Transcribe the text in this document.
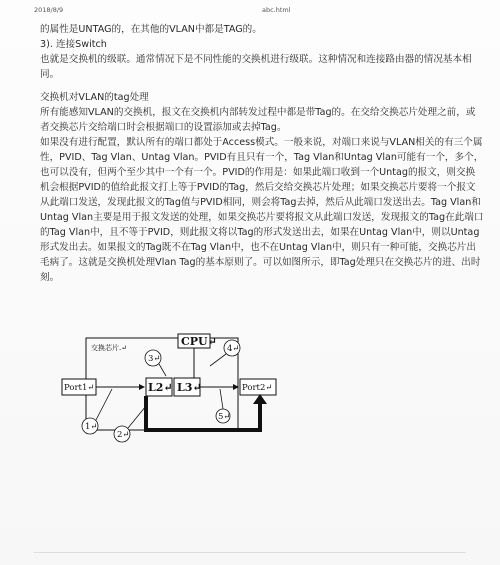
2018/8/9	abc.html

的属性是UNTAG的，在其他的VLAN中都是TAG的。

3). 连接Switch

也就是交换机的级联。通常情况下是不同性能的交换机进行级联。这种情况和连接路由器的情况基本相同。

交换机对VLAN的tag处理

所有能感知VLAN的交换机，报文在交换机内部转发过程中都是带Tag的。在交给交换芯片处理之前，或者交换芯片交给端口时会根据端口的设置添加或去掉Tag。

如果没有进行配置，默认所有的端口都处于Access模式。一般来说，对端口来说与VLAN相关的有三个属性，PVID、Tag Vlan、Untag Vlan。PVID有且只有一个，Tag Vlan和Untag Vlan可能有一个，多个，也可以没有，但两个至少其中一个有一个。PVID的作用是：如果此端口收到一个Untag的报文，则交换机会根据PVID的值给此报文打上等于PVID的Tag，然后交给交换芯片处理；如果交换芯片要将一个报文从此端口发送，发现此报文的Tag值与PVID相同，则会将Tag去掉，然后从此端口发送出去。Tag Vlan和Untag Vlan主要是用于报文发送的处理，如果交换芯片要将报文从此端口发送，发现报文的Tag在此端口的Tag Vlan中，且不等于PVID，则此报文将以Tag的形式发送出去，如果在Untag Vlan中，则以Untag形式发出去。如果报文的Tag既不在Tag Vlan中，也不在Untag Vlan中，则只有一种可能，交换芯片出毛病了。这就是交换机处理Vlan Tag的基本原则了。可以如图所示，即Tag处理只在交换芯片的进、出时刻。

交换芯片.↵	CPU↵
L2↵ L3↵
Port1↵	Port2↵
3↵
4↵
1↵
2↵
5↵
